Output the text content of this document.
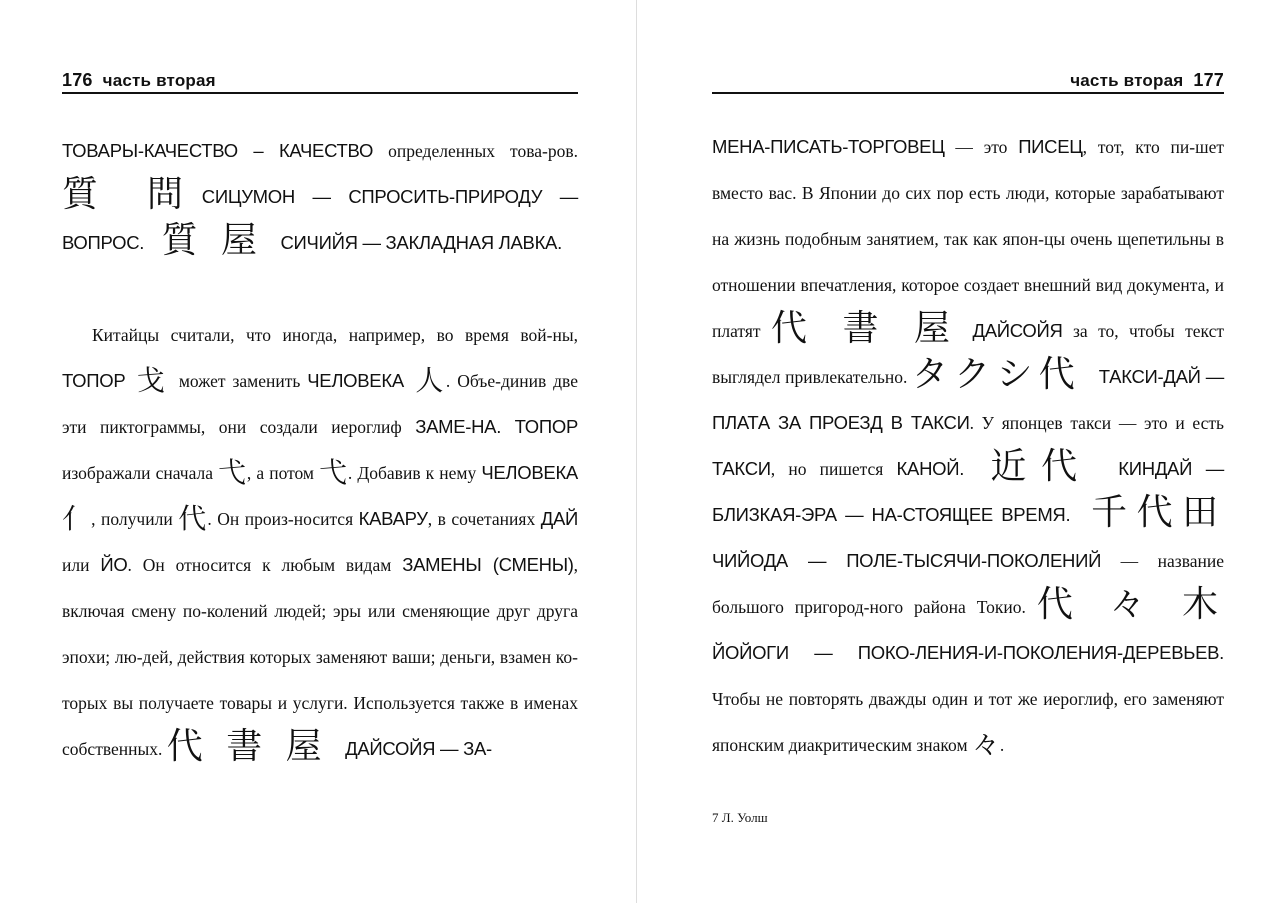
176 часть вторая
ТОВАРЫ-КАЧЕСТВО – КАЧЕСТВО определенных това-ров. 質 問СИЦУМОН — СПРОСИТЬ-ПРИРОДУ — ВОПРОС. 質 屋 СИЧИЙЯ — ЗАКЛАДНАЯ ЛАВКА.
Китайцы считали, что иногда, например, во время вой-ны, ТОПОР 戈 может заменить ЧЕЛОВЕКА 人. Объе-динив две эти пиктограммы, они создали иероглиф ЗАМЕ-НА. ТОПОР изображали сначала 弋, а потом 弋. Добавив к нему ЧЕЛОВЕКА 亻, получили 代. Он произ-носится КАВАРУ, в сочетаниях ДАЙ или ЙО. Он относится к любым видам ЗАМЕНЫ (СМЕНЫ), включая смену по-колений людей; эры или сменяющие друг друга эпохи; лю-дей, действия которых заменяют ваши; деньги, взамен ко-торых вы получаете товары и услуги. Используется также в именах собственных. 代 書 屋 ДАЙСОЙЯ — ЗА-
часть вторая 177
МЕНА-ПИСАТЬ-ТОРГОВЕЦ — это ПИСЕЦ, тот, кто пи-шет вместо вас. В Японии до сих пор есть люди, которые зарабатывают на жизнь подобным занятием, так как япон-цы очень щепетильны в отношении впечатления, которое создает внешний вид документа, и платят 代 書 屋 ДАЙСОЙЯ за то, чтобы текст выглядел привлекательно. タクシ代 ТАКСИ-ДАЙ — ПЛАТА ЗА ПРОЕЗД В ТАКСИ. У японцев такси — это и есть ТАКСИ, но пишется КАНОЙ. 近代 КИНДАЙ — БЛИЗКАЯ-ЭРА — НА-СТОЯЩЕЕ ВРЕМЯ. 千代田 ЧИЙОДА — ПОЛЕ-ТЫСЯЧИ-ПОКОЛЕНИЙ — название большого пригород-ного района Токио. 代 々 木 ЙОЙОГИ — ПОКО-ЛЕНИЯ-И-ПОКОЛЕНИЯ-ДЕРЕВЬЕВ. Чтобы не повторять дважды один и тот же иероглиф, его заменяют японским диакритическим знаком 々.
7 Л. Уолш
